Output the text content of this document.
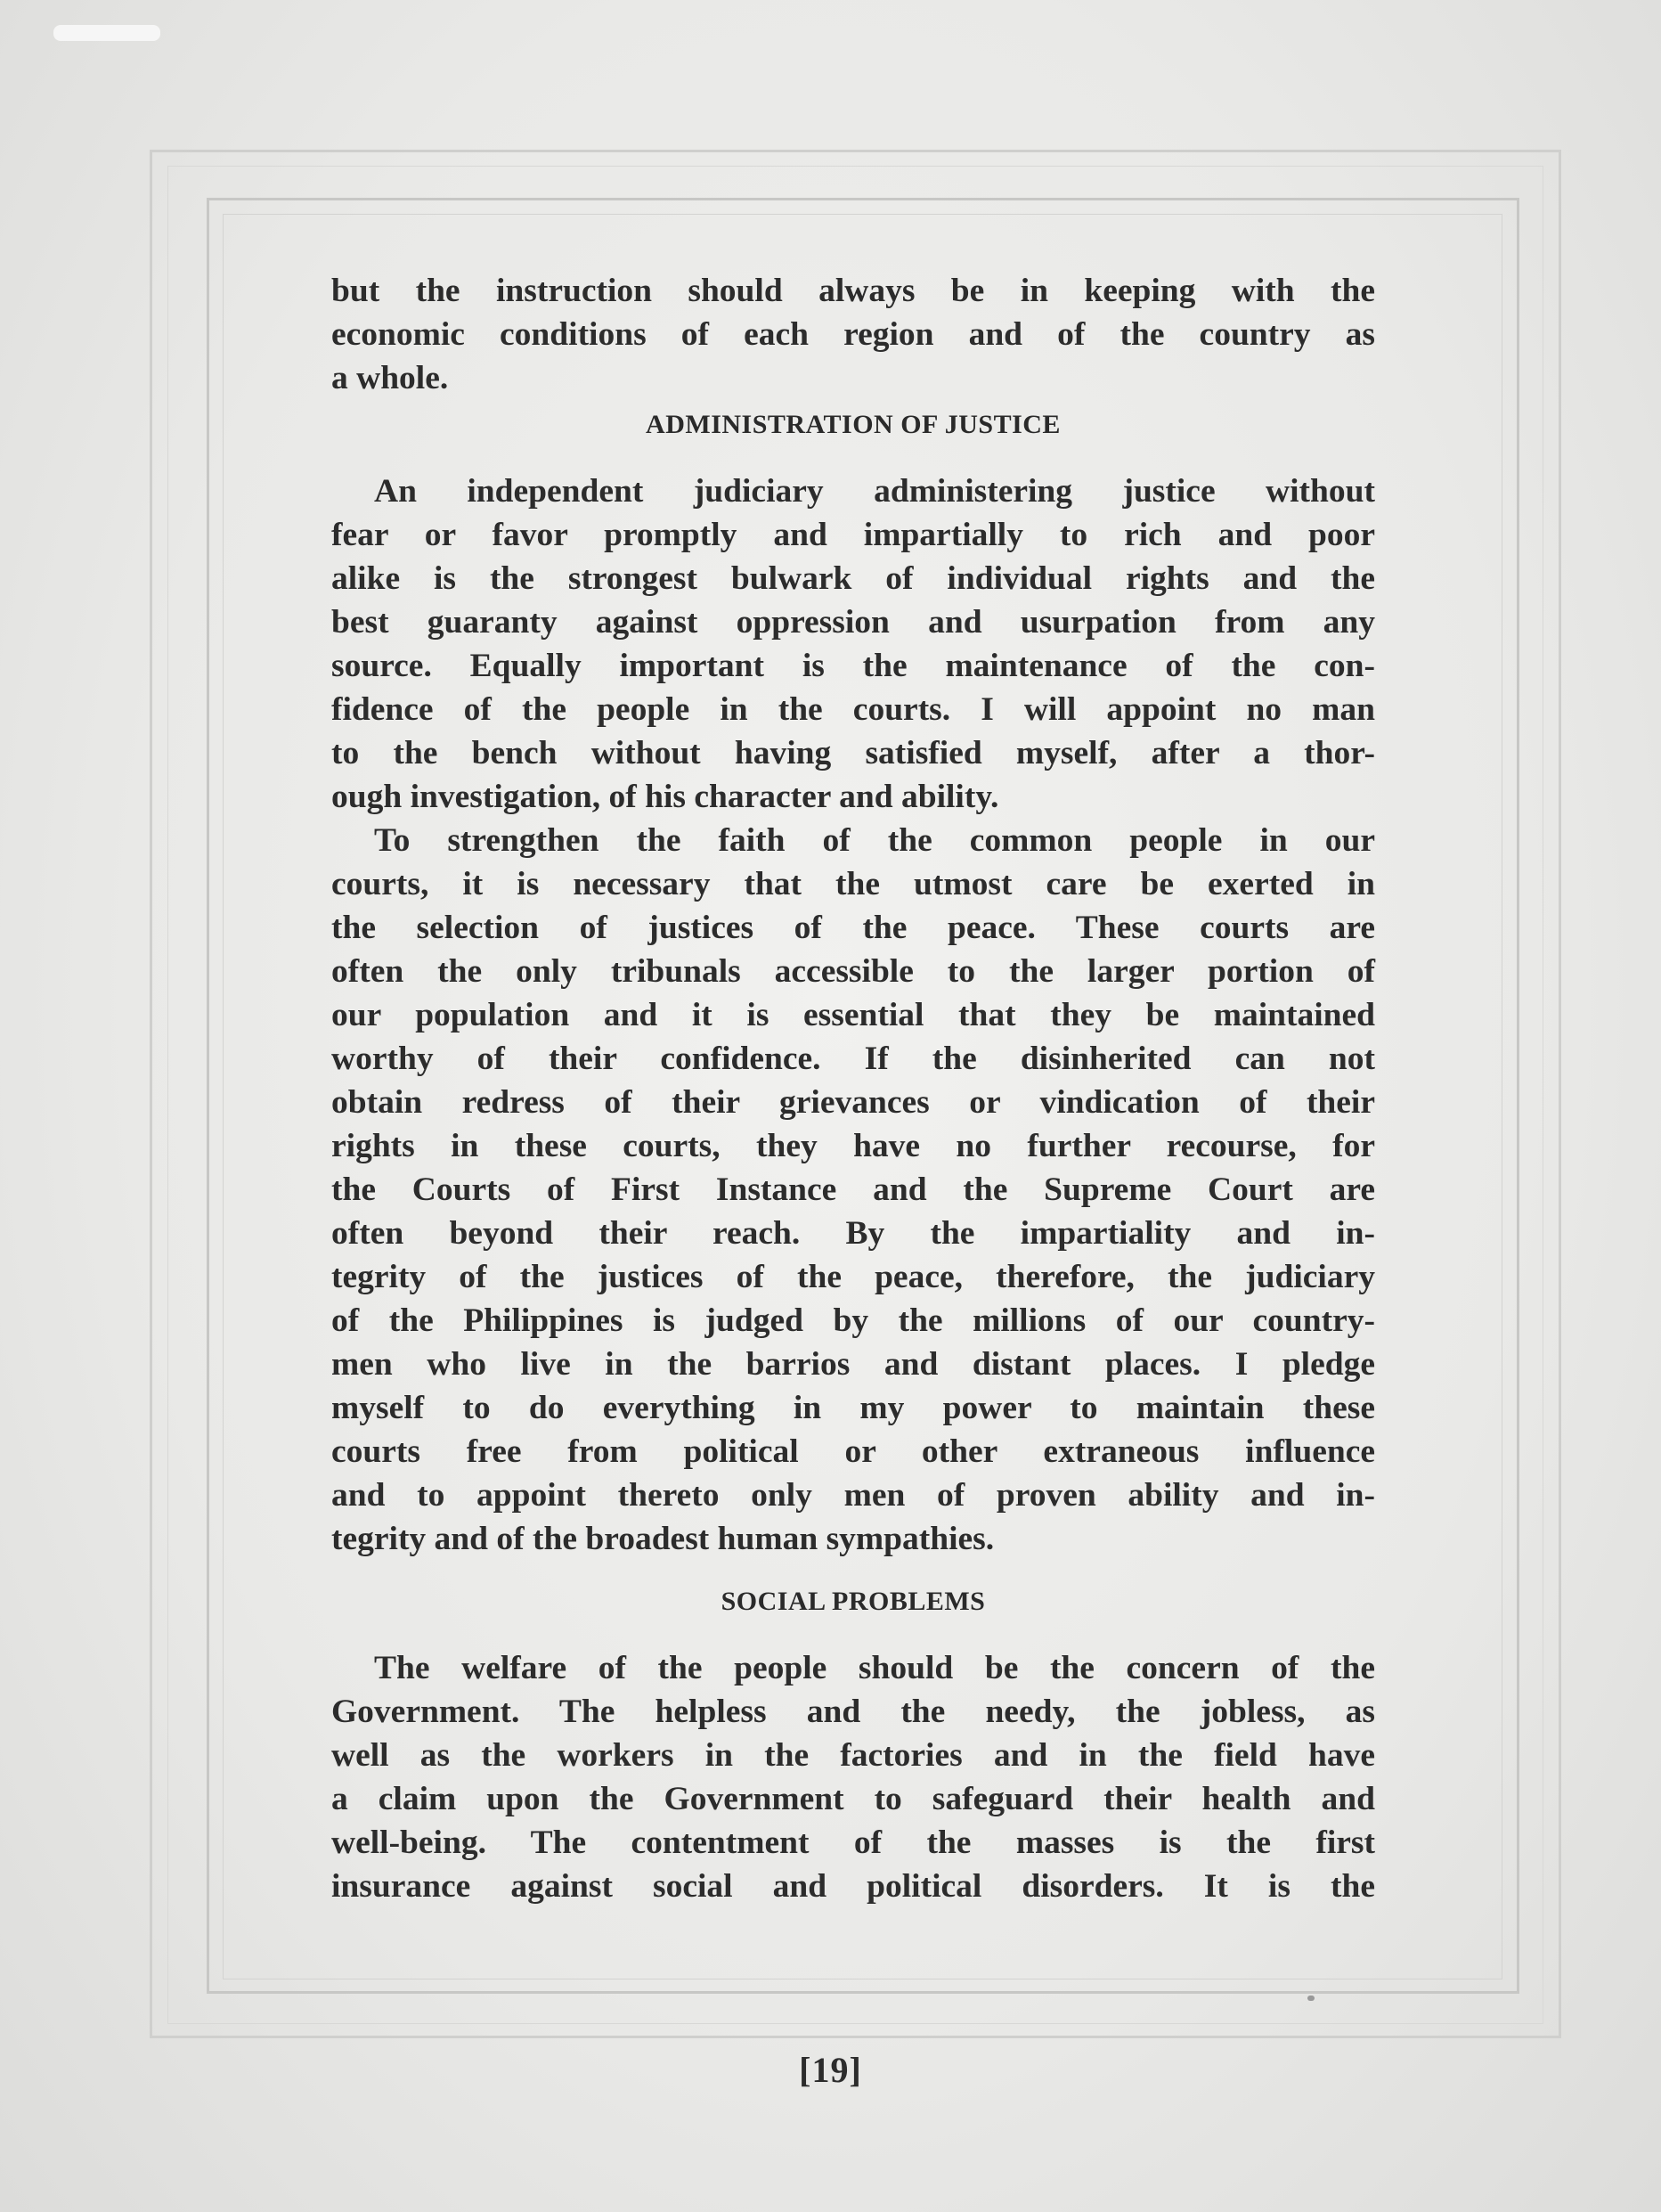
but the instruction should always be in keeping with the
economic conditions of each region and of the country as
a whole.
ADMINISTRATION OF JUSTICE
An independent judiciary administering justice without
fear or favor promptly and impartially to rich and poor
alike is the strongest bulwark of individual rights and the
best guaranty against oppression and usurpation from any
source. Equally important is the maintenance of the con-
fidence of the people in the courts. I will appoint no man
to the bench without having satisfied myself, after a thor-
ough investigation, of his character and ability.
To strengthen the faith of the common people in our
courts, it is necessary that the utmost care be exerted in
the selection of justices of the peace. These courts are
often the only tribunals accessible to the larger portion of
our population and it is essential that they be maintained
worthy of their confidence. If the disinherited can not
obtain redress of their grievances or vindication of their
rights in these courts, they have no further recourse, for
the Courts of First Instance and the Supreme Court are
often beyond their reach. By the impartiality and in-
tegrity of the justices of the peace, therefore, the judiciary
of the Philippines is judged by the millions of our country-
men who live in the barrios and distant places. I pledge
myself to do everything in my power to maintain these
courts free from political or other extraneous influence
and to appoint thereto only men of proven ability and in-
tegrity and of the broadest human sympathies.
SOCIAL PROBLEMS
The welfare of the people should be the concern of the
Government. The helpless and the needy, the jobless, as
well as the workers in the factories and in the field have
a claim upon the Government to safeguard their health and
well-being. The contentment of the masses is the first
insurance against social and political disorders. It is the
[19]
